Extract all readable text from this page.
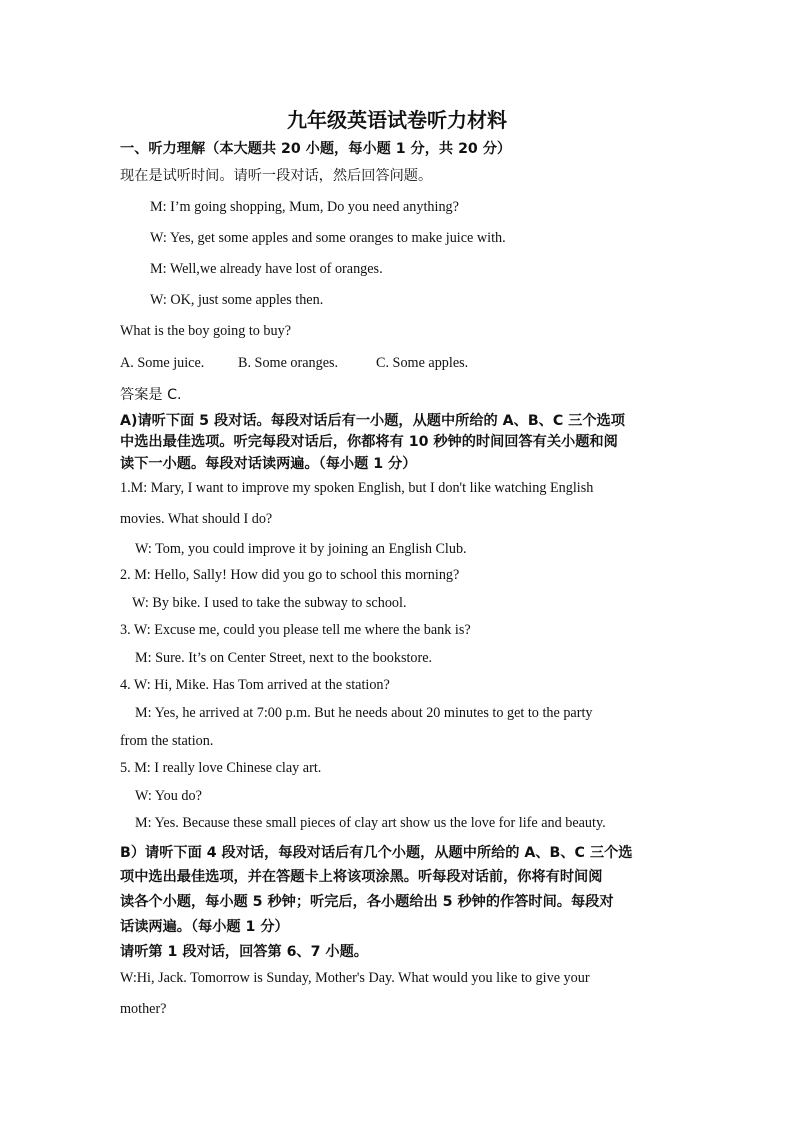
九年级英语试卷听力材料
一、听力理解（本大题共 20 小题，每小题 1 分，共 20 分）
现在是试听时间。请听一段对话，然后回答问题。
M: I’m going shopping, Mum, Do you need anything?
W: Yes, get some apples and some oranges to make juice with.
M: Well,we already have lost of oranges.
W: OK, just some apples then.
What is the boy going to buy?
A. Some juice.	B. Some oranges.	C. Some apples.
答案是 C.
A)请听下面 5 段对话。每段对话后有一小题，从题中所给的 A、B、C 三个选项
中选出最佳选项。听完每段对话后，你都将有 10 秒钟的时间回答有关小题和阅
读下一小题。每段对话读两遍。（每小题 1 分）
1.M: Mary, I want to improve my spoken English, but I don't like watching English
movies. What should I do?
W: Tom, you could improve it by joining an English Club.
2. M: Hello, Sally! How did you go to school this morning?
W: By bike. I used to take the subway to school.
3. W: Excuse me, could you please tell me where the bank is?
M: Sure. It’s on Center Street, next to the bookstore.
4. W: Hi, Mike. Has Tom arrived at the station?
M: Yes, he arrived at 7:00 p.m. But he needs about 20 minutes to get to the party
from the station.
5. M: I really love Chinese clay art.
W: You do?
M: Yes. Because these small pieces of clay art show us the love for life and beauty.
B）请听下面 4 段对话，每段对话后有几个小题，从题中所给的 A、B、C 三个选
项中选出最佳选项，并在答题卡上将该项涂黑。听每段对话前，你将有时间阅
读各个小题，每小题 5 秒钟；听完后，各小题给出 5 秒钟的作答时间。每段对
话读两遍。（每小题 1 分）
请听第 1 段对话，回答第 6、7 小题。
W:Hi, Jack. Tomorrow is Sunday, Mother's Day. What would you like to give your
mother?
